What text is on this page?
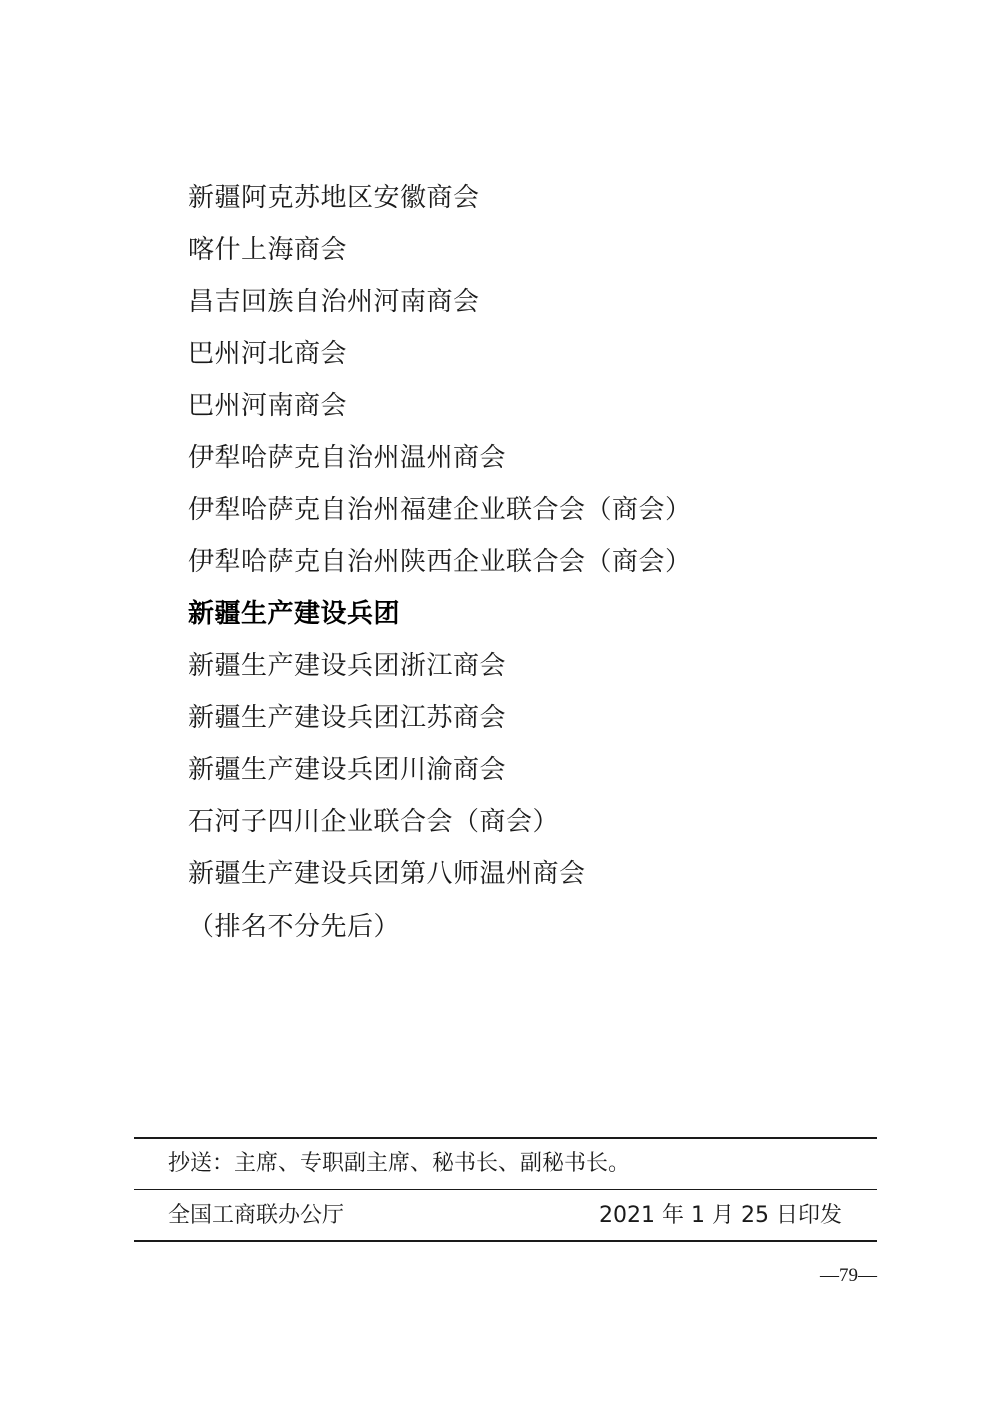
新疆阿克苏地区安徽商会
喀什上海商会
昌吉回族自治州河南商会
巴州河北商会
巴州河南商会
伊犁哈萨克自治州温州商会
伊犁哈萨克自治州福建企业联合会（商会）
伊犁哈萨克自治州陕西企业联合会（商会）
新疆生产建设兵团
新疆生产建设兵团浙江商会
新疆生产建设兵团江苏商会
新疆生产建设兵团川渝商会
石河子四川企业联合会（商会）
新疆生产建设兵团第八师温州商会
（排名不分先后）
抄送：主席、专职副主席、秘书长、副秘书长。
全国工商联办公厅	2021 年 1 月 25 日印发
—79—
